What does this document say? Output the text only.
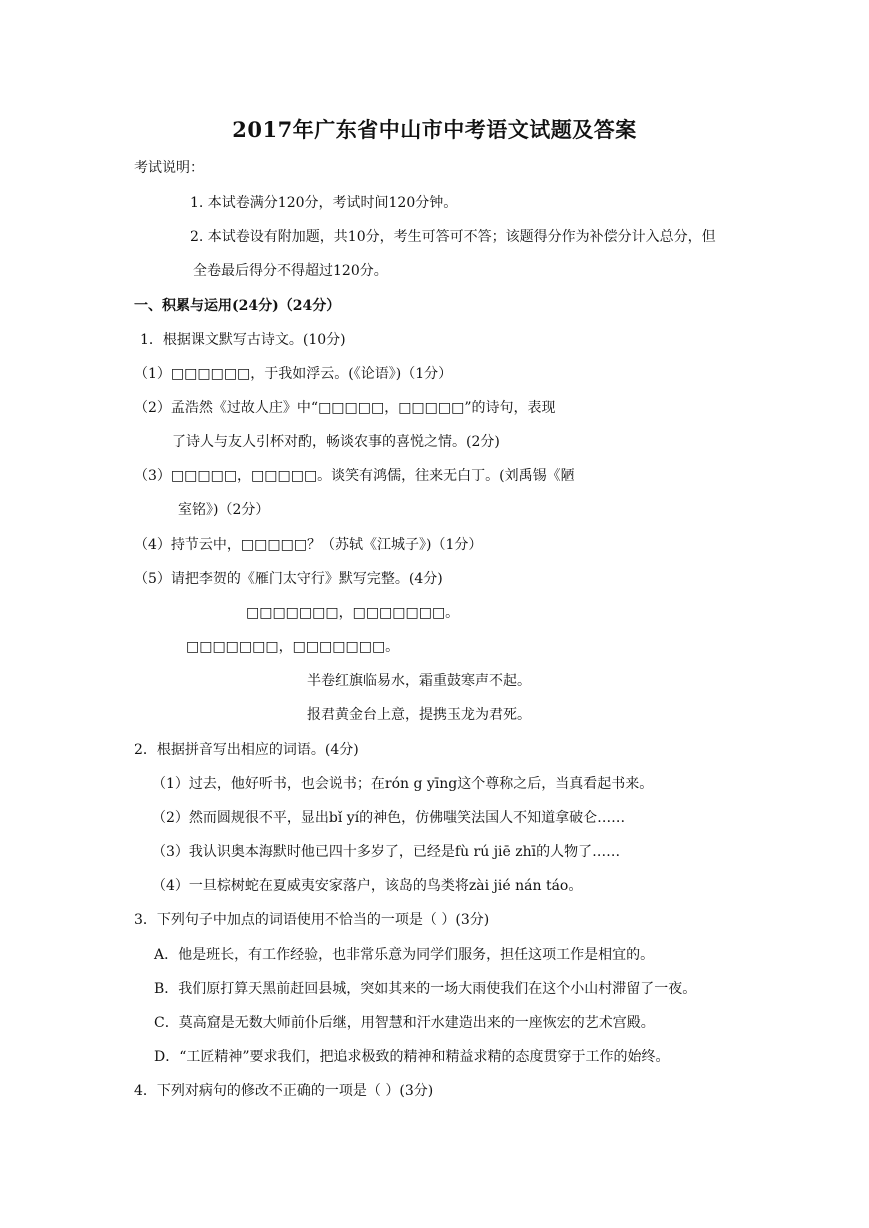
2017年广东省中山市中考语文试题及答案
考试说明：
1. 本试卷满分120分，考试时间120分钟。
2. 本试卷设有附加题，共10分，考生可答可不答；该题得分作为补偿分计入总分，但
全卷最后得分不得超过120分。
一、积累与运用(24分)（24分）
1．根据课文默写古诗文。(10分)
（1）□□□□□□，于我如浮云。(《论语》)（1分）
（2）孟浩然《过故人庄》中“□□□□□，□□□□□”的诗句，表现
了诗人与友人引杯对酌，畅谈农事的喜悦之情。(2分)
（3）□□□□□，□□□□□。谈笑有鸿儒，往来无白丁。(刘禹锡《陋
室铭》)（2分）
（4）持节云中，□□□□□？（苏轼《江城子》)（1分）
（5）请把李贺的《雁门太守行》默写完整。(4分)
□□□□□□□，□□□□□□□。
□□□□□□□，□□□□□□□。
半卷红旗临易水，霜重鼓寒声不起。
报君黄金台上意，提携玉龙为君死。
2．根据拼音写出相应的词语。(4分)
（1）过去，他好听书，也会说书；在rón g yīng这个尊称之后，当真看起书来。
（2）然而圆规很不平，显出bǐ yí的神色，仿佛嗤笑法国人不知道拿破仑……
（3）我认识奥本海默时他已四十多岁了，已经是fù rú jiē zhī的人物了……
（4）一旦棕树蛇在夏威夷安家落户，该岛的鸟类将zài jié nán táo。
3．下列句子中加点的词语使用不恰当的一项是（ ）(3分)
A．他是班长，有工作经验，也非常乐意为同学们服务，担任这项工作是相宜的。
B．我们原打算天黑前赶回县城，突如其来的一场大雨使我们在这个小山村滞留了一夜。
C．莫高窟是无数大师前仆后继，用智慧和汗水建造出来的一座恢宏的艺术宫殿。
D．“工匠精神”要求我们，把追求极致的精神和精益求精的态度贯穿于工作的始终。
4．下列对病句的修改不正确的一项是（ ）(3分)
